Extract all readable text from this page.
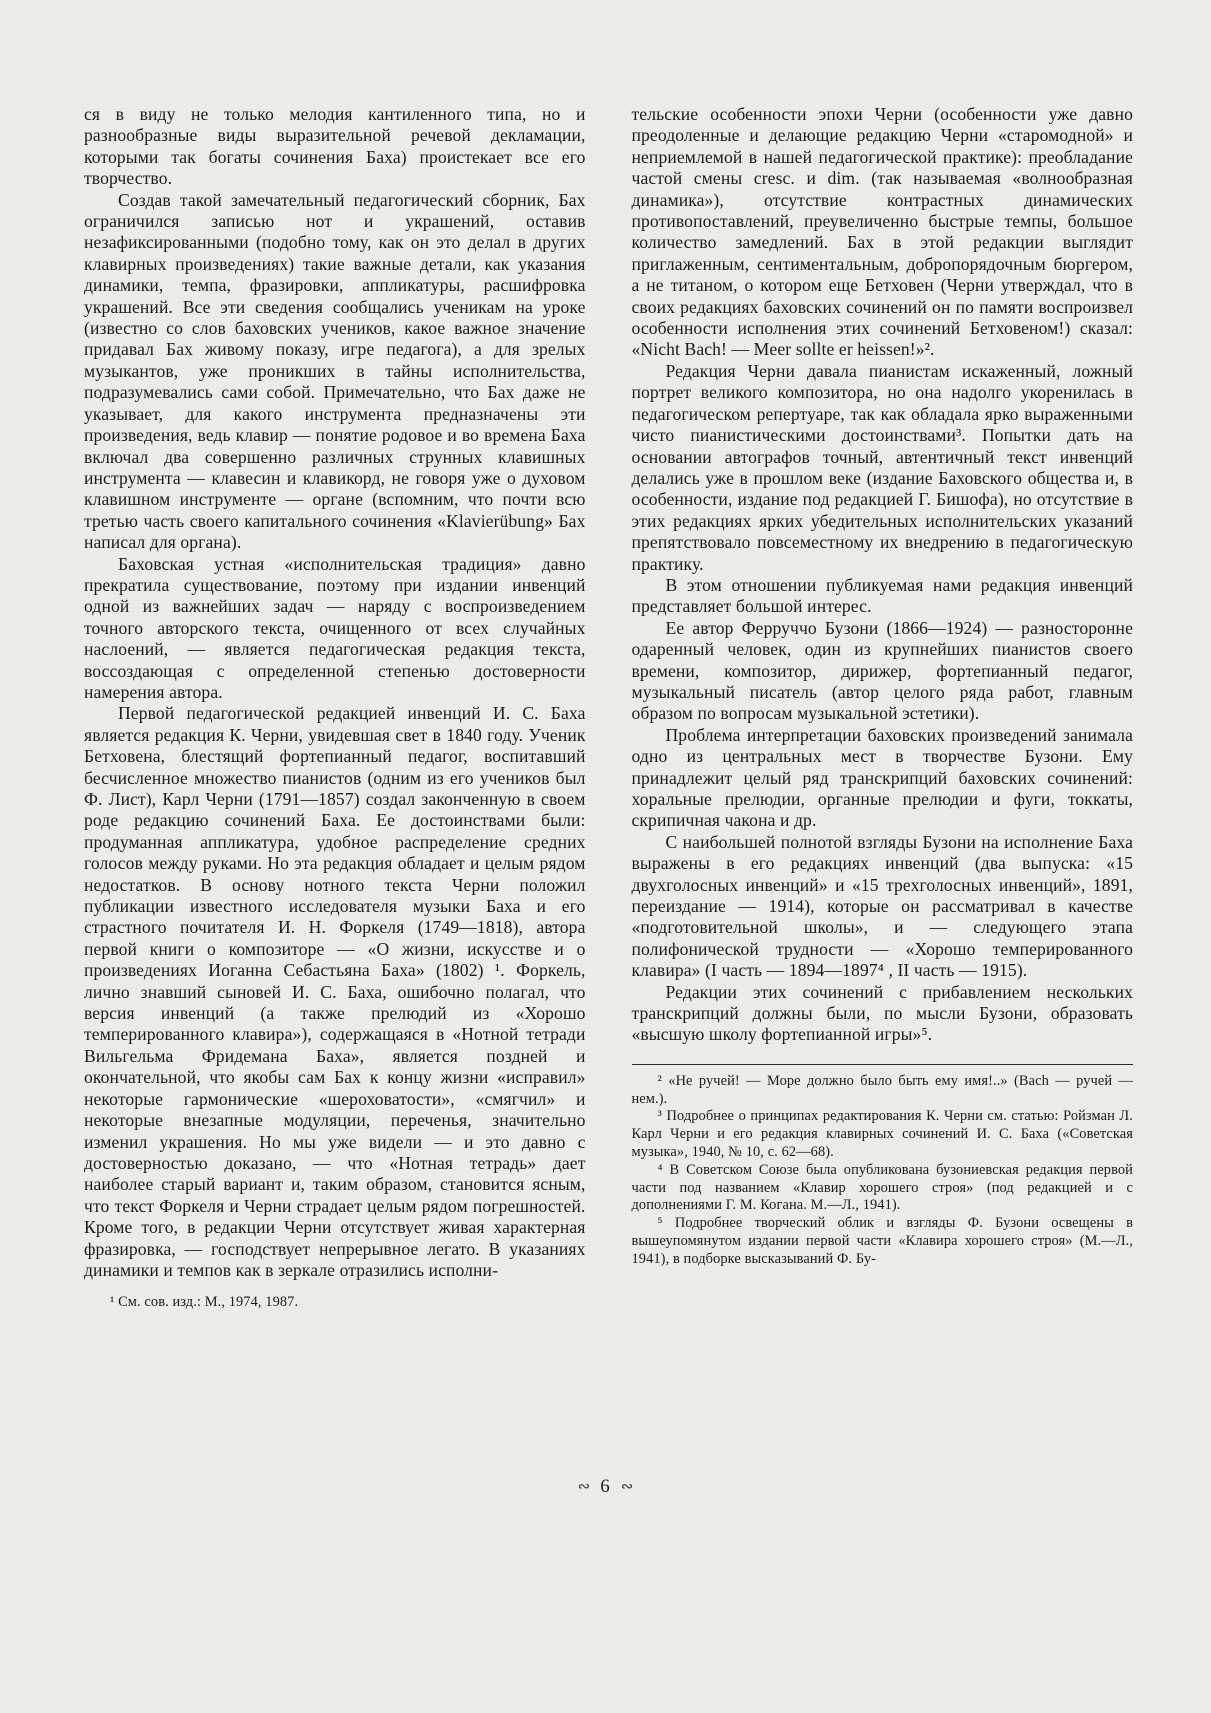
ся в виду не только мелодия кантиленного типа, но и разнообразные виды выразительной речевой декламации, которыми так богаты сочинения Баха) проистекает все его творчество.

Создав такой замечательный педагогический сборник, Бах ограничился записью нот и украшений, оставив незафиксированными (подобно тому, как он это делал в других клавирных произведениях) такие важные детали, как указания динамики, темпа, фразировки, аппликатуры, расшифровка украшений. Все эти сведения сообщались ученикам на уроке (известно со слов баховских учеников, какое важное значение придавал Бах живому показу, игре педагога), а для зрелых музыкантов, уже проникших в тайны исполнительства, подразумевались сами собой. Примечательно, что Бах даже не указывает, для какого инструмента предназначены эти произведения, ведь клавир — понятие родовое и во времена Баха включал два совершенно различных струнных клавишных инструмента — клавесин и клавикорд, не говоря уже о духовом клавишном инструменте — органе (вспомним, что почти всю третью часть своего капитального сочинения «Klavierübung» Бах написал для органа).

Баховская устная «исполнительская традиция» давно прекратила существование, поэтому при издании инвенций одной из важнейших задач — наряду с воспроизведением точного авторского текста, очищенного от всех случайных наслоений, — является педагогическая редакция текста, воссоздающая с определенной степенью достоверности намерения автора.

Первой педагогической редакцией инвенций И. С. Баха является редакция К. Черни, увидевшая свет в 1840 году. Ученик Бетховена, блестящий фортепианный педагог, воспитавший бесчисленное множество пианистов (одним из его учеников был Ф. Лист), Карл Черни (1791—1857) создал законченную в своем роде редакцию сочинений Баха. Ее достоинствами были: продуманная аппликатура, удобное распределение средних голосов между руками. Но эта редакция обладает и целым рядом недостатков. В основу нотного текста Черни положил публикации известного исследователя музыки Баха и его страстного почитателя И. Н. Форкеля (1749—1818), автора первой книги о композиторе — «О жизни, искусстве и о произведениях Иоганна Себастьяна Баха» (1802) ¹. Форкель, лично знавший сыновей И. С. Баха, ошибочно полагал, что версия инвенций (а также прелюдий из «Хорошо темперированного клавира»), содержащаяся в «Нотной тетради Вильгельма Фридемана Баха», является поздней и окончательной, что якобы сам Бах к концу жизни «исправил» некоторые гармонические «шероховатости», «смягчил» и некоторые внезапные модуляции, переченья, значительно изменил украшения. Но мы уже видели — и это давно с достоверностью доказано, — что «Нотная тетрадь» дает наиболее старый вариант и, таким образом, становится ясным, что текст Форкеля и Черни страдает целым рядом погрешностей. Кроме того, в редакции Черни отсутствует живая характерная фразировка, — господствует непрерывное легато. В указаниях динамики и темпов как в зеркале отразились исполни-

¹ См. сов. изд.: М., 1974, 1987.

тельские особенности эпохи Черни (особенности уже давно преодоленные и делающие редакцию Черни «старомодной» и неприемлемой в нашей педагогической практике): преобладание частой смены cresc. и dim. (так называемая «волнообразная динамика»), отсутствие контрастных динамических противопоставлений, преувеличенно быстрые темпы, большое количество замедлений. Бах в этой редакции выглядит приглаженным, сентиментальным, добропорядочным бюргером, а не титаном, о котором еще Бетховен (Черни утверждал, что в своих редакциях баховских сочинений он по памяти воспроизвел особенности исполнения этих сочинений Бетховеном!) сказал: «Nicht Bach! — Meer sollte er heissen!»².

Редакция Черни давала пианистам искаженный, ложный портрет великого композитора, но она надолго укоренилась в педагогическом репертуаре, так как обладала ярко выраженными чисто пианистическими достоинствами³. Попытки дать на основании автографов точный, автентичный текст инвенций делались уже в прошлом веке (издание Баховского общества и, в особенности, издание под редакцией Г. Бишофа), но отсутствие в этих редакциях ярких убедительных исполнительских указаний препятствовало повсеместному их внедрению в педагогическую практику.

В этом отношении публикуемая нами редакция инвенций представляет большой интерес.

Ее автор Ферруччо Бузони (1866—1924) — разносторонне одаренный человек, один из крупнейших пианистов своего времени, композитор, дирижер, фортепианный педагог, музыкальный писатель (автор целого ряда работ, главным образом по вопросам музыкальной эстетики).

Проблема интерпретации баховских произведений занимала одно из центральных мест в творчестве Бузони. Ему принадлежит целый ряд транскрипций баховских сочинений: хоральные прелюдии, органные прелюдии и фуги, токкаты, скрипичная чакона и др.

С наибольшей полнотой взгляды Бузони на исполнение Баха выражены в его редакциях инвенций (два выпуска: «15 двухголосных инвенций» и «15 трехголосных инвенций», 1891, переиздание — 1914), которые он рассматривал в качестве «подготовительной школы», и — следующего этапа полифонической трудности — «Хорошо темперированного клавира» (I часть — 1894—1897⁴ , II часть — 1915).

Редакции этих сочинений с прибавлением нескольких транскрипций должны были, по мысли Бузони, образовать «высшую школу фортепианной игры»⁵.

² «Не ручей! — Море должно было быть ему имя!..» (Bach — ручей — нем.).

³ Подробнее о принципах редактирования К. Черни см. статью: Ройзман Л. Карл Черни и его редакция клавирных сочинений И. С. Баха («Советская музыка», 1940, № 10, с. 62—68).

⁴ В Советском Союзе была опубликована бузониевская редакция первой части под названием «Клавир хорошего строя» (под редакцией и с дополнениями Г. М. Когана. М.—Л., 1941).

⁵ Подробнее творческий облик и взгляды Ф. Бузони освещены в вышеупомянутом издании первой части «Клавира хорошего строя» (М.—Л., 1941), в подборке высказываний Ф. Бу-

∾ 6 ∾
